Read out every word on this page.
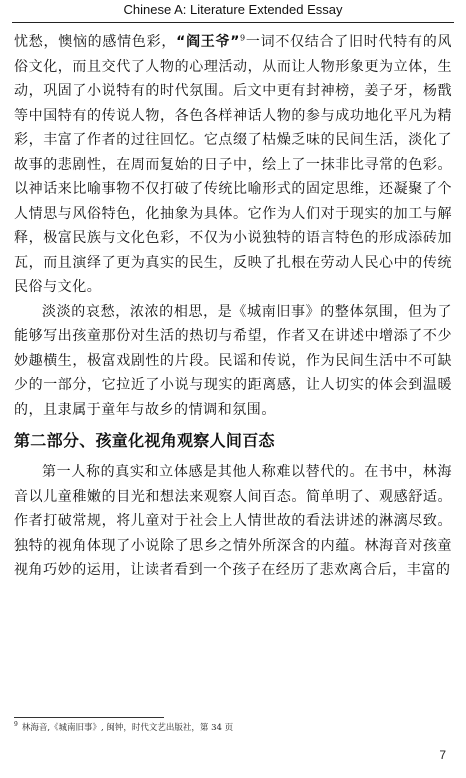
Chinese A: Literature Extended Essay

忧愁，懊恼的感情色彩，“阎王爷”$^9$一词不仅结合了旧时代特有的风俗文化，而且交代了人物的心理活动，从而让人物形象更为立体，生动，巩固了小说特有的时代氛围。后文中更有封神榜，姜子牙，杨戬等中国特有的传说人物，各色各样神话人物的参与成功地化平凡为精彩，丰富了作者的过往回忆。它点缀了枯燥乏味的民间生活，淡化了故事的悲剧性，在周而复始的日子中，绘上了一抹非比寻常的色彩。以神话来比喻事物不仅打破了传统比喻形式的固定思维，还凝聚了个人情思与风俗特色，化抽象为具体。它作为人们对于现实的加工与解释，极富民族与文化色彩，不仅为小说独特的语言特色的形成添砖加瓦，而且演绎了更为真实的民生，反映了扎根在劳动人民心中的传统民俗与文化。

淡淡的哀愁，浓浓的相思，是《城南旧事》的整体氛围，但为了能够写出孩童那份对生活的热切与希望，作者又在讲述中增添了不少妙趣横生，极富戏剧性的片段。民谣和传说，作为民间生活中不可缺少的一部分，它拉近了小说与现实的距离感，让人切实的体会到温暖的，且隶属于童年与故乡的情调和氛围。

第二部分、孩童化视角观察人间百态

第一人称的真实和立体感是其他人称难以替代的。在书中，林海音以儿童稚嫩的目光和想法来观察人间百态。简单明了、观感舒适。作者打破常规，将儿童对于社会上人情世故的看法讲述的淋漓尽致。独特的视角体现了小说除了思乡之情外所深含的内蕴。林海音对孩童视角巧妙的运用，让读者看到一个孩子在经历了悲欢离合后，丰富的

$^9$ 林海音,《城南旧事》, 闽钟，时代文艺出版社，第 34 页
7
